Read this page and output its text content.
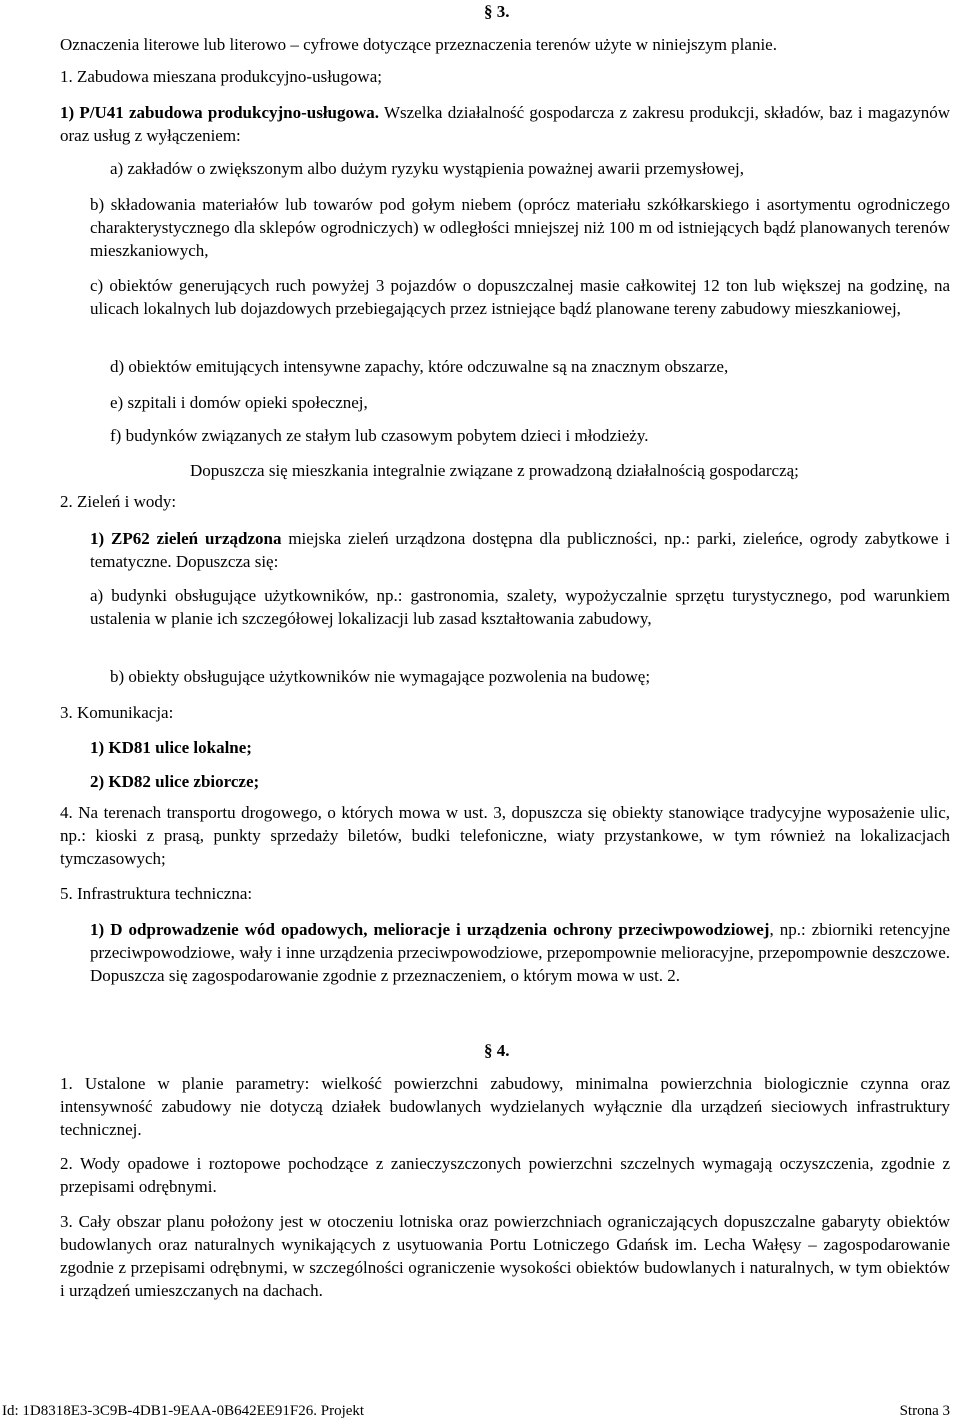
§ 3.
Oznaczenia literowe lub literowo – cyfrowe dotyczące przeznaczenia terenów użyte w niniejszym planie.
1. Zabudowa mieszana produkcyjno-usługowa;
1) P/U41 zabudowa produkcyjno-usługowa. Wszelka działalność gospodarcza z zakresu produkcji, składów, baz i magazynów oraz usług z wyłączeniem:
a) zakładów o zwiększonym albo dużym ryzyku wystąpienia poważnej awarii przemysłowej,
b) składowania materiałów lub towarów pod gołym niebem (oprócz materiału szkółkarskiego i asortymentu ogrodniczego charakterystycznego dla sklepów ogrodniczych) w odległości mniejszej niż 100 m od istniejących bądź planowanych terenów mieszkaniowych,
c) obiektów generujących ruch powyżej 3 pojazdów o dopuszczalnej masie całkowitej 12 ton lub większej na godzinę, na ulicach lokalnych lub dojazdowych przebiegających przez istniejące bądź planowane tereny zabudowy mieszkaniowej,
d) obiektów emitujących intensywne zapachy, które odczuwalne są na znacznym obszarze,
e) szpitali i domów opieki społecznej,
f) budynków związanych ze stałym lub czasowym pobytem dzieci i młodzieży.
Dopuszcza się mieszkania integralnie związane z prowadzoną działalnością gospodarczą;
2. Zieleń i wody:
1) ZP62 zieleń urządzona miejska zieleń urządzona dostępna dla publiczności, np.: parki, zieleńce, ogrody zabytkowe i tematyczne. Dopuszcza się:
a) budynki obsługujące użytkowników, np.: gastronomia, szalety, wypożyczalnie sprzętu turystycznego, pod warunkiem ustalenia w planie ich szczegółowej lokalizacji lub zasad kształtowania zabudowy,
b) obiekty obsługujące użytkowników nie wymagające pozwolenia na budowę;
3. Komunikacja:
1) KD81 ulice lokalne;
2) KD82 ulice zbiorcze;
4. Na terenach transportu drogowego, o których mowa w ust. 3, dopuszcza się obiekty stanowiące tradycyjne wyposażenie ulic, np.: kioski z prasą, punkty sprzedaży biletów, budki telefoniczne, wiaty przystankowe, w tym również na lokalizacjach tymczasowych;
5. Infrastruktura techniczna:
1) D odprowadzenie wód opadowych, melioracje i urządzenia ochrony przeciwpowodziowej, np.: zbiorniki retencyjne przeciwpowodziowe, wały i inne urządzenia przeciwpowodziowe, przepompownie melioracyjne, przepompownie deszczowe. Dopuszcza się zagospodarowanie zgodnie z przeznaczeniem, o którym mowa w ust. 2.
§ 4.
1. Ustalone w planie parametry: wielkość powierzchni zabudowy, minimalna powierzchnia biologicznie czynna oraz intensywność zabudowy nie dotyczą działek budowlanych wydzielanych wyłącznie dla urządzeń sieciowych infrastruktury technicznej.
2. Wody opadowe i roztopowe pochodzące z zanieczyszczonych powierzchni szczelnych wymagają oczyszczenia, zgodnie z przepisami odrębnymi.
3. Cały obszar planu położony jest w otoczeniu lotniska oraz powierzchniach ograniczających dopuszczalne gabaryty obiektów budowlanych oraz naturalnych wynikających z usytuowania Portu Lotniczego Gdańsk im. Lecha Wałęsy – zagospodarowanie zgodnie z przepisami odrębnymi, w szczególności ograniczenie wysokości obiektów budowlanych i naturalnych, w tym obiektów i urządzeń umieszczanych na dachach.
Id: 1D8318E3-3C9B-4DB1-9EAA-0B642EE91F26. Projekt	Strona 3
